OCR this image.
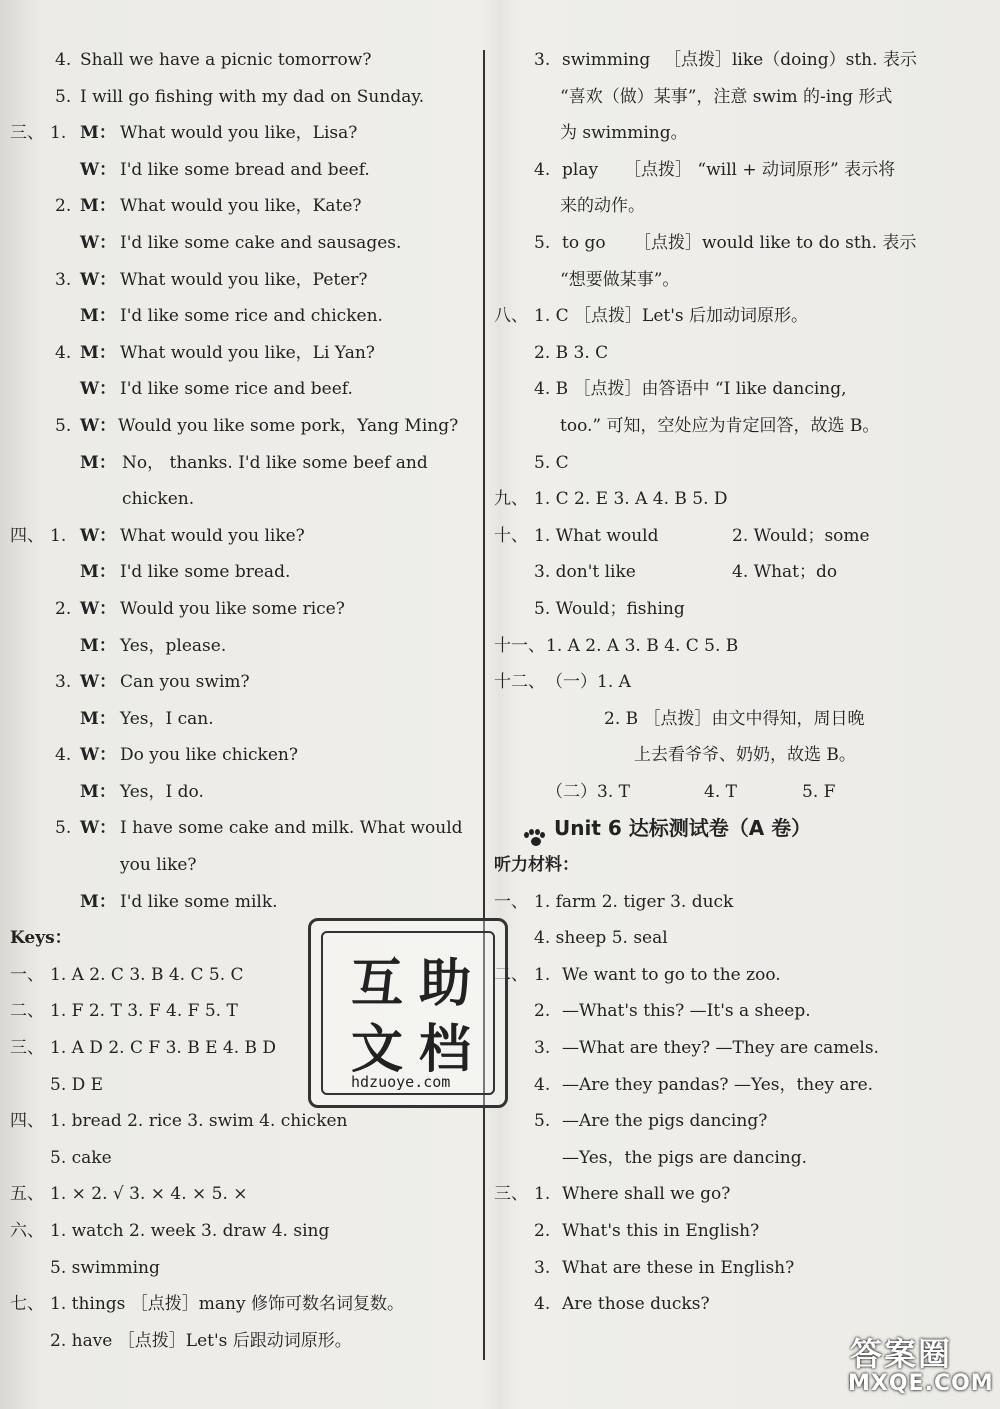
4. Shall we have a picnic tomorrow?
5. I will go fishing with my dad on Sunday.
三、 1. M： What would you like，Lisa?
W： I'd like some bread and beef.
2. M： What would you like，Kate?
W： I'd like some cake and sausages.
3. W： What would you like，Peter?
M： I'd like some rice and chicken.
4. M： What would you like，Li Yan?
W： I'd like some rice and beef.
5. W： Would you like some pork，Yang Ming?
M： No， thanks. I'd like some beef and
chicken.
四、 1. W： What would you like?
M： I'd like some bread.
2. W： Would you like some rice?
M： Yes，please.
3. W： Can you swim?
M： Yes，I can.
4. W： Do you like chicken?
M： Yes，I do.
5. W： I have some cake and milk. What would
you like?
M： I'd like some milk.
Keys：
一、 1. A 2. C 3. B 4. C 5. C
二、 1. F 2. T 3. F 4. F 5. T
三、 1. A D 2. C F 3. B E 4. B D
5. D E
四、 1. bread 2. rice 3. swim 4. chicken
5. cake
五、 1. × 2. √ 3. × 4. × 5. ×
六、 1. watch 2. week 3. draw 4. sing
5. swimming
七、 1. things ［点拨］many 修饰可数名词复数。
2. have ［点拨］Let's 后跟动词原形。
3. swimming ［点拨］like（doing）sth. 表示
“喜欢（做）某事”，注意 swim 的-ing 形式
为 swimming。
4. play ［点拨］ “will + 动词原形” 表示将
来的动作。
5. to go ［点拨］would like to do sth. 表示
“想要做某事”。
八、 1. C ［点拨］Let's 后加动词原形。
2. B 3. C
4. B ［点拨］由答语中 “I like dancing,
too.” 可知，空处应为肯定回答，故选 B。
5. C
九、 1. C 2. E 3. A 4. B 5. D
十、 1. What would	2. Would；some
3. don't like	4. What；do
5. Would；fishing
十一、 1. A 2. A 3. B 4. C 5. B
十二、 （一）1. A
2. B ［点拨］由文中得知，周日晚
上去看爷爷、奶奶，故选 B。
（二）3. T	4. T	5. F
Unit 6 达标测试卷（A 卷）
听力材料：
一、 1. farm 2. tiger 3. duck
4. sheep 5. seal
二、 1. We want to go to the zoo.
2. —What's this? —It's a sheep.
3. —What are they? —They are camels.
4. —Are they pandas? —Yes，they are.
5. —Are the pigs dancing?
—Yes，the pigs are dancing.
三、 1. Where shall we go?
2. What's this in English?
3. What are these in English?
4. Are those ducks?
互 助
文 档
hdzuoye.com
答案圈
MXQE.COM
